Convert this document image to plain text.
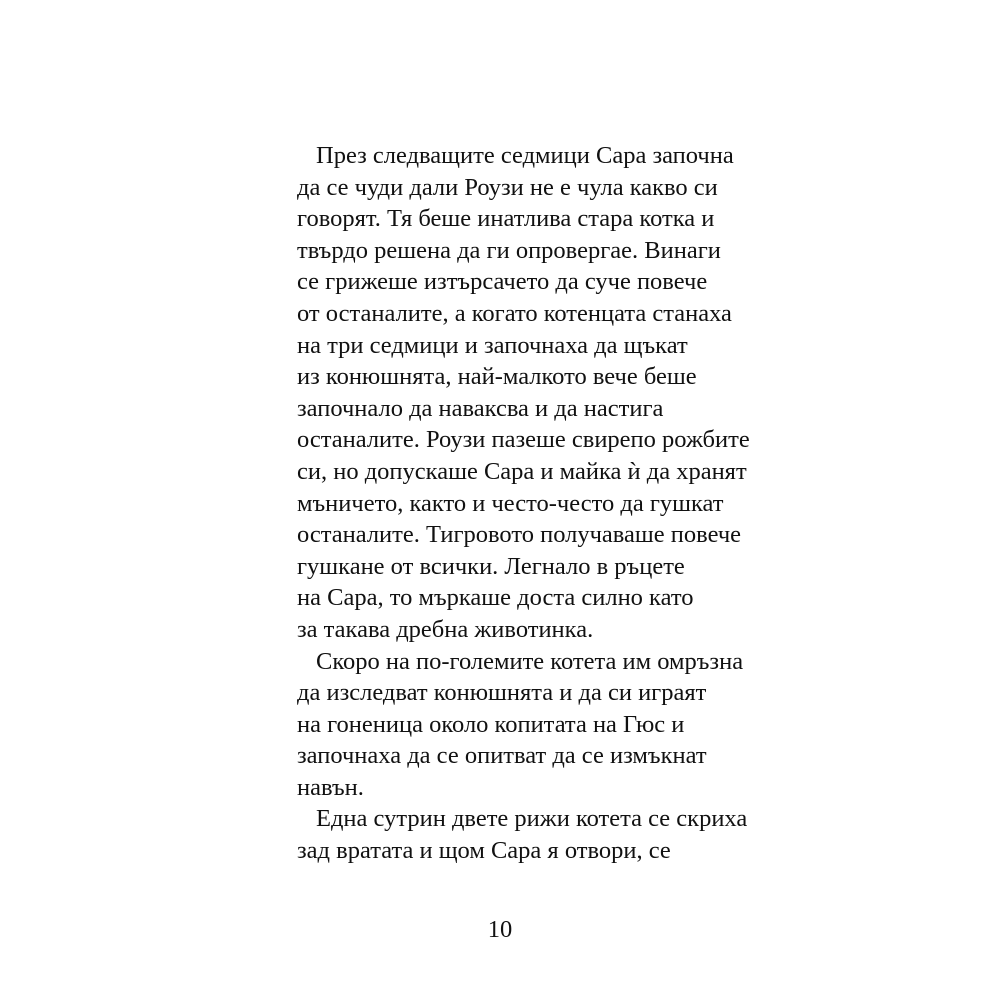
През следващите седмици Сара започна
да се чуди дали Роузи не е чула какво си
говорят. Тя беше инатлива стара котка и
твърдо решена да ги опровергае. Винаги
се грижеше изтърсачето да суче повече
от останалите, а когато котенцата станаха
на три седмици и започнаха да щъкат
из конюшнята, най-малкото вече беше
започнало да наваксва и да настига
останалите. Роузи пазеше свирепо рожбите
си, но допускаше Сара и майка ѝ да хранят
мъничето, както и често-често да гушкат
останалите. Тигровото получаваше повече
гушкане от всички. Легнало в ръцете
на Сара, то мъркаше доста силно като
за такава дребна животинка.
Скоро на по-големите котета им омръзна
да изследват конюшнята и да си играят
на гоненица около копитата на Гюс и
започнаха да се опитват да се измъкнат
навън.
Една сутрин двете рижи котета се скриха
зад вратата и щом Сара я отвори, се
10
